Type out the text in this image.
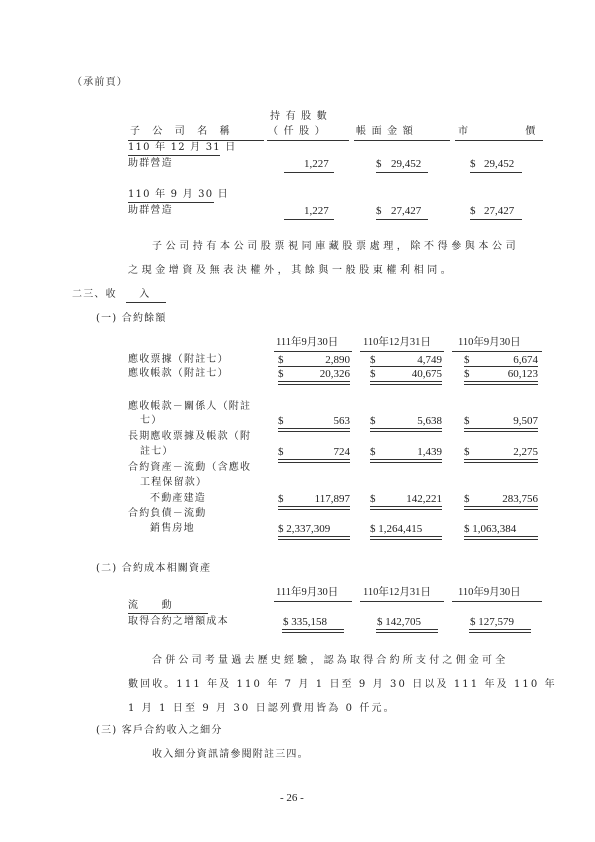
（承前頁）
持 有 股 數
子　公　司　名　稱	（ 仟 股 ）	帳 面 金 額	市　　　　　價
110 年 12 月 31 日
助群營造	1,227	$ 29,452	$ 29,452
110 年 9 月 30 日
助群營造	1,227	$ 27,427	$ 27,427
子公司持有本公司股票視同庫藏股票處理，除不得參與本公司
之現金增資及無表決權外，其餘與一般股東權利相同。
二三、收　　入
(一) 合約餘額
111年9月30日 110年12月31日	110年9月30日
應收票據（附註七）	$	2,890 $	4,749 $	6,674
應收帳款（附註七）	$	20,326 $	40,675 $	60,123
應收帳款－關係人（附註
七）	$	563 $	5,638 $	9,507
長期應收票據及帳款（附
註七）	$	724 $	1,439 $	2,275
合約資產－流動（含應收
工程保留款）
不動產建造	$	117,897 $	142,221 $	283,756
合約負債－流動
銷售房地	$ 2,337,309	$ 1,264,415	$ 1,063,384
(二) 合約成本相關資產
111年9月30日 110年12月31日	110年9月30日
流　　動
取得合約之增額成本	$ 335,158	$ 142,705	$ 127,579
合併公司考量過去歷史經驗，認為取得合約所支付之佣金可全
數回收。111 年及 110 年 7 月 1 日至 9 月 30 日以及 111 年及 110 年
1 月 1 日至 9 月 30 日認列費用皆為 0 仟元。
(三) 客戶合約收入之細分
收入細分資訊請參閱附註三四。
- 26 -
